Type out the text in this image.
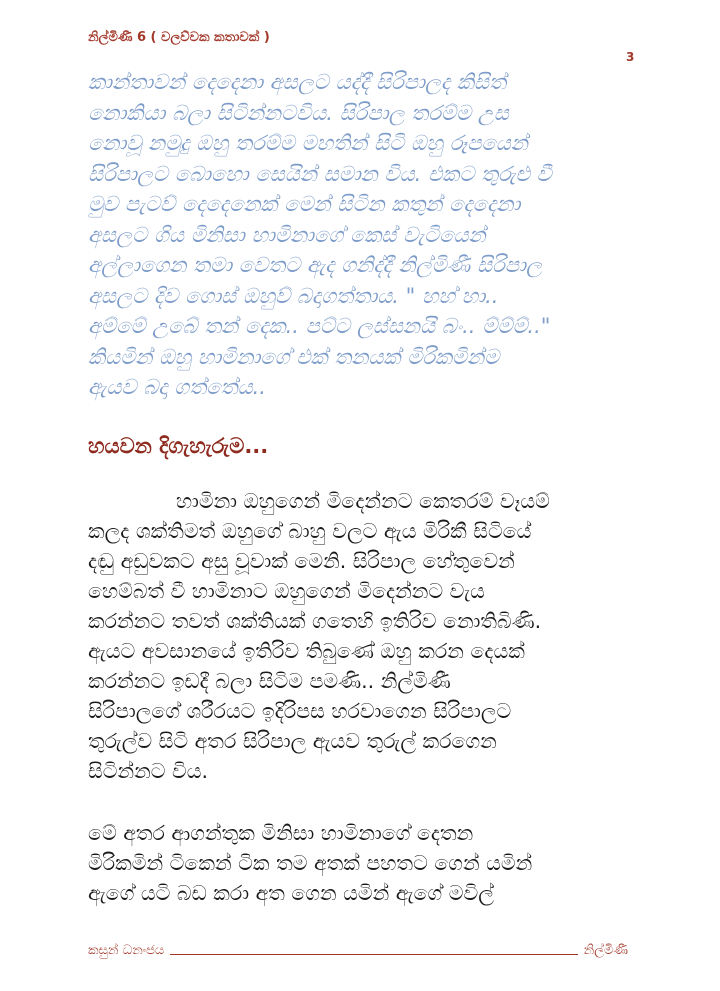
නිල්මිණී 6 ( වලව්වක කතාවක් )
3
කාන්තාවන් දෙදෙනා අසලට යද්දී සිරිපාලද කිසිත්
නොකියා බලා සිටින්නටවිය. සිරිපාල තරම්ම උස
නොවූ නමුදු ඔහු තරම්ම මහතින් සිටි ඔහු රූපයෙන්
සිරිපාලට බොහො සෙයින් සමාන විය. එකට තුරුළු වී
මුව පැටව් දෙදෙනෙක් මෙන් සිටින කතුන් දෙදෙනා
අසලට ගිය මිනිසා හාමිනාගේ කෙස් වැටියෙන්
අල්ලාගෙන තමා වෙතට ඇද ගනිද්දී නිල්මිණී සිරිපාල
අසලට දිව ගොස් ඔහුව් බදාගත්තාය. " හහ් හා..
අම්මේ උබේ තන් දෙක.. පට්ට ලස්සනයි බං.. ම්ම්ම්.."
කියමින් ඔහු හාමිනාගේ එක් තනයක් මිරිකමින්ම
ඇයව බදා ගත්තේය..
හයවන දිගැහැරුම...
හාමිනා ඔහුගෙන් මිදෙන්නට කෙතරම් වෑයම්
කලද ශක්තිමත් ඔහුගේ බාහු වලට ඇය මිරිකී සිටියේ
දඬු අඩුවකට අසු වූවාක් මෙනි. සිරිපාල හේතුවෙන්
හෙම්බත් වී හාමිනාට ඔහුගෙන් මිදෙන්නට වැය
කරන්නට තවත් ශක්තියක් ගතෙහි ඉතිරිව නොතිබිණි.
ඇයට අවසානයේ ඉතිරිව තිබුණේ ඔහු කරන දෙයක්
කරන්නට ඉඩදී බලා සිටිම පමණි.. නිල්මිණී
සිරිපාලගේ ශරීරයට ඉදිරිපස හරවාගෙන සිරිපාලට
තුරුල්ව සිටි අතර සිරිපාල ඇයව තුරුල් කරගෙන
සිටින්නට විය.
මේ අතර ආගන්තුක මිනිසා හාමිනාගේ දෙතන
මිරිකමින් ටිකෙන් ටික තම අතක් පහතට ගෙන් යමින්
ඇගේ යටි බඩ කරා අත ගෙන යමින් ඇගේ මවිල්
කසුන් ධනංජය	නිල්මිණී
